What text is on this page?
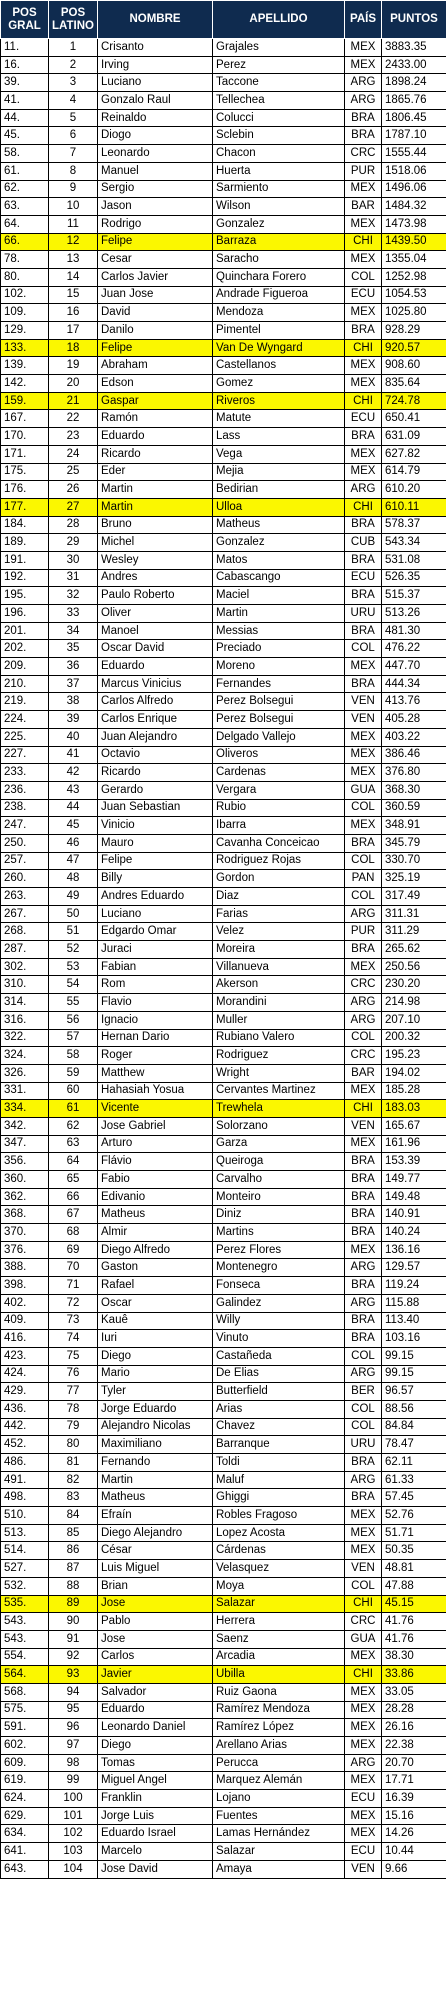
POS GRAL	POS LATINO	NOMBRE	APELLIDO	PAÍS	PUNTOS
11.	1	Crisanto	Grajales	MEX	3883.35
16.	2	Irving	Perez	MEX	2433.00
39.	3	Luciano	Taccone	ARG	1898.24
41.	4	Gonzalo Raul	Tellechea	ARG	1865.76
44.	5	Reinaldo	Colucci	BRA	1806.45
45.	6	Diogo	Sclebin	BRA	1787.10
58.	7	Leonardo	Chacon	CRC	1555.44
61.	8	Manuel	Huerta	PUR	1518.06
62.	9	Sergio	Sarmiento	MEX	1496.06
63.	10	Jason	Wilson	BAR	1484.32
64.	11	Rodrigo	Gonzalez	MEX	1473.98
66.	12	Felipe	Barraza	CHI	1439.50
78.	13	Cesar	Saracho	MEX	1355.04
80.	14	Carlos Javier	Quinchara Forero	COL	1252.98
102.	15	Juan Jose	Andrade Figueroa	ECU	1054.53
109.	16	David	Mendoza	MEX	1025.80
129.	17	Danilo	Pimentel	BRA	928.29
133.	18	Felipe	Van De Wyngard	CHI	920.57
139.	19	Abraham	Castellanos	MEX	908.60
142.	20	Edson	Gomez	MEX	835.64
159.	21	Gaspar	Riveros	CHI	724.78
167.	22	Ramón	Matute	ECU	650.41
170.	23	Eduardo	Lass	BRA	631.09
171.	24	Ricardo	Vega	MEX	627.82
175.	25	Eder	Mejia	MEX	614.79
176.	26	Martin	Bedirian	ARG	610.20
177.	27	Martin	Ulloa	CHI	610.11
184.	28	Bruno	Matheus	BRA	578.37
189.	29	Michel	Gonzalez	CUB	543.34
191.	30	Wesley	Matos	BRA	531.08
192.	31	Andres	Cabascango	ECU	526.35
195.	32	Paulo Roberto	Maciel	BRA	515.37
196.	33	Oliver	Martin	URU	513.26
201.	34	Manoel	Messias	BRA	481.30
202.	35	Oscar David	Preciado	COL	476.22
209.	36	Eduardo	Moreno	MEX	447.70
210.	37	Marcus Vinicius	Fernandes	BRA	444.34
219.	38	Carlos Alfredo	Perez Bolsegui	VEN	413.76
224.	39	Carlos Enrique	Perez Bolsegui	VEN	405.28
225.	40	Juan Alejandro	Delgado Vallejo	MEX	403.22
227.	41	Octavio	Oliveros	MEX	386.46
233.	42	Ricardo	Cardenas	MEX	376.80
236.	43	Gerardo	Vergara	GUA	368.30
238.	44	Juan Sebastian	Rubio	COL	360.59
247.	45	Vinicio	Ibarra	MEX	348.91
250.	46	Mauro	Cavanha Conceicao	BRA	345.79
257.	47	Felipe	Rodriguez Rojas	COL	330.70
260.	48	Billy	Gordon	PAN	325.19
263.	49	Andres Eduardo	Diaz	COL	317.49
267.	50	Luciano	Farias	ARG	311.31
268.	51	Edgardo Omar	Velez	PUR	311.29
287.	52	Juraci	Moreira	BRA	265.62
302.	53	Fabian	Villanueva	MEX	250.56
310.	54	Rom	Akerson	CRC	230.20
314.	55	Flavio	Morandini	ARG	214.98
316.	56	Ignacio	Muller	ARG	207.10
322.	57	Hernan Dario	Rubiano Valero	COL	200.32
324.	58	Roger	Rodriguez	CRC	195.23
326.	59	Matthew	Wright	BAR	194.02
331.	60	Hahasiah Yosua	Cervantes Martinez	MEX	185.28
334.	61	Vicente	Trewhela	CHI	183.03
342.	62	Jose Gabriel	Solorzano	VEN	165.67
347.	63	Arturo	Garza	MEX	161.96
356.	64	Flávio	Queiroga	BRA	153.39
360.	65	Fabio	Carvalho	BRA	149.77
362.	66	Edivanio	Monteiro	BRA	149.48
368.	67	Matheus	Diniz	BRA	140.91
370.	68	Almir	Martins	BRA	140.24
376.	69	Diego Alfredo	Perez Flores	MEX	136.16
388.	70	Gaston	Montenegro	ARG	129.57
398.	71	Rafael	Fonseca	BRA	119.24
402.	72	Oscar	Galindez	ARG	115.88
409.	73	Kauê	Willy	BRA	113.40
416.	74	Iuri	Vinuto	BRA	103.16
423.	75	Diego	Castañeda	COL	99.15
424.	76	Mario	De Elias	ARG	99.15
429.	77	Tyler	Butterfield	BER	96.57
436.	78	Jorge Eduardo	Arias	COL	88.56
442.	79	Alejandro Nicolas	Chavez	COL	84.84
452.	80	Maximiliano	Barranque	URU	78.47
486.	81	Fernando	Toldi	BRA	62.11
491.	82	Martin	Maluf	ARG	61.33
498.	83	Matheus	Ghiggi	BRA	57.45
510.	84	Efraín	Robles Fragoso	MEX	52.76
513.	85	Diego Alejandro	Lopez Acosta	MEX	51.71
514.	86	César	Cárdenas	MEX	50.35
527.	87	Luis Miguel	Velasquez	VEN	48.81
532.	88	Brian	Moya	COL	47.88
535.	89	Jose	Salazar	CHI	45.15
543.	90	Pablo	Herrera	CRC	41.76
543.	91	Jose	Saenz	GUA	41.76
554.	92	Carlos	Arcadia	MEX	38.30
564.	93	Javier	Ubilla	CHI	33.86
568.	94	Salvador	Ruiz Gaona	MEX	33.05
575.	95	Eduardo	Ramírez Mendoza	MEX	28.28
591.	96	Leonardo Daniel	Ramírez López	MEX	26.16
602.	97	Diego	Arellano Arias	MEX	22.38
609.	98	Tomas	Perucca	ARG	20.70
619.	99	Miguel Angel	Marquez Alemán	MEX	17.71
624.	100	Franklin	Lojano	ECU	16.39
629.	101	Jorge Luis	Fuentes	MEX	15.16
634.	102	Eduardo Israel	Lamas Hernández	MEX	14.26
641.	103	Marcelo	Salazar	ECU	10.44
643.	104	Jose David	Amaya	VEN	9.66
